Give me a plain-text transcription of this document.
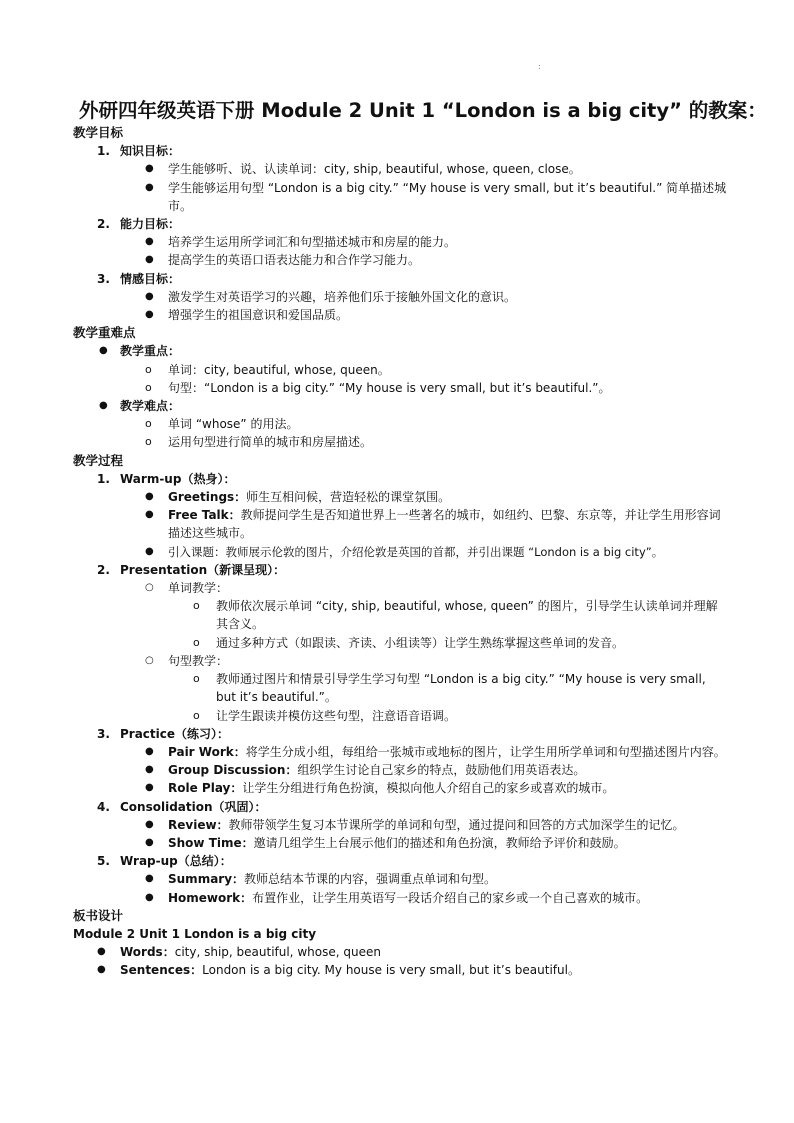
:
外研四年级英语下册 Module 2 Unit 1 “London is a big city” 的教案：
教学目标
1. 知识目标：
● 学生能够听、说、认读单词：city, ship, beautiful, whose, queen, close。
● 学生能够运用句型 “London is a big city.” “My house is very small, but it’s beautiful.” 简单描述城市。
2. 能力目标：
● 培养学生运用所学词汇和句型描述城市和房屋的能力。
● 提高学生的英语口语表达能力和合作学习能力。
3. 情感目标：
● 激发学生对英语学习的兴趣，培养他们乐于接触外国文化的意识。
● 增强学生的祖国意识和爱国品质。
教学重难点
● 教学重点：
o 单词：city, beautiful, whose, queen。
o 句型：“London is a big city.” “My house is very small, but it’s beautiful.”。
● 教学难点：
o 单词 “whose” 的用法。
o 运用句型进行简单的城市和房屋描述。
教学过程
1. Warm-up（热身）：
● Greetings：师生互相问候，营造轻松的课堂氛围。
● Free Talk：教师提问学生是否知道世界上一些著名的城市，如纽约、巴黎、东京等，并让学生用形容词描述这些城市。
● 引入课题：教师展示伦敦的图片，介绍伦敦是英国的首都，并引出课题 “London is a big city”。
2. Presentation（新课呈现）：
○ 单词教学：
o 教师依次展示单词 “city, ship, beautiful, whose, queen” 的图片，引导学生认读单词并理解其含义。
o 通过多种方式（如跟读、齐读、小组读等）让学生熟练掌握这些单词的发音。
○ 句型教学：
o 教师通过图片和情景引导学生学习句型 “London is a big city.” “My house is very small, but it’s beautiful.”。
o 让学生跟读并模仿这些句型，注意语音语调。
3. Practice（练习）：
● Pair Work：将学生分成小组，每组给一张城市或地标的图片，让学生用所学单词和句型描述图片内容。
● Group Discussion：组织学生讨论自己家乡的特点，鼓励他们用英语表达。
● Role Play：让学生分组进行角色扮演，模拟向他人介绍自己的家乡或喜欢的城市。
4. Consolidation（巩固）：
● Review：教师带领学生复习本节课所学的单词和句型，通过提问和回答的方式加深学生的记忆。
● Show Time：邀请几组学生上台展示他们的描述和角色扮演，教师给予评价和鼓励。
5. Wrap-up（总结）：
● Summary：教师总结本节课的内容，强调重点单词和句型。
● Homework：布置作业，让学生用英语写一段话介绍自己的家乡或一个自己喜欢的城市。
板书设计
Module 2 Unit 1 London is a big city
● Words：city, ship, beautiful, whose, queen
● Sentences：London is a big city. My house is very small, but it’s beautiful。
